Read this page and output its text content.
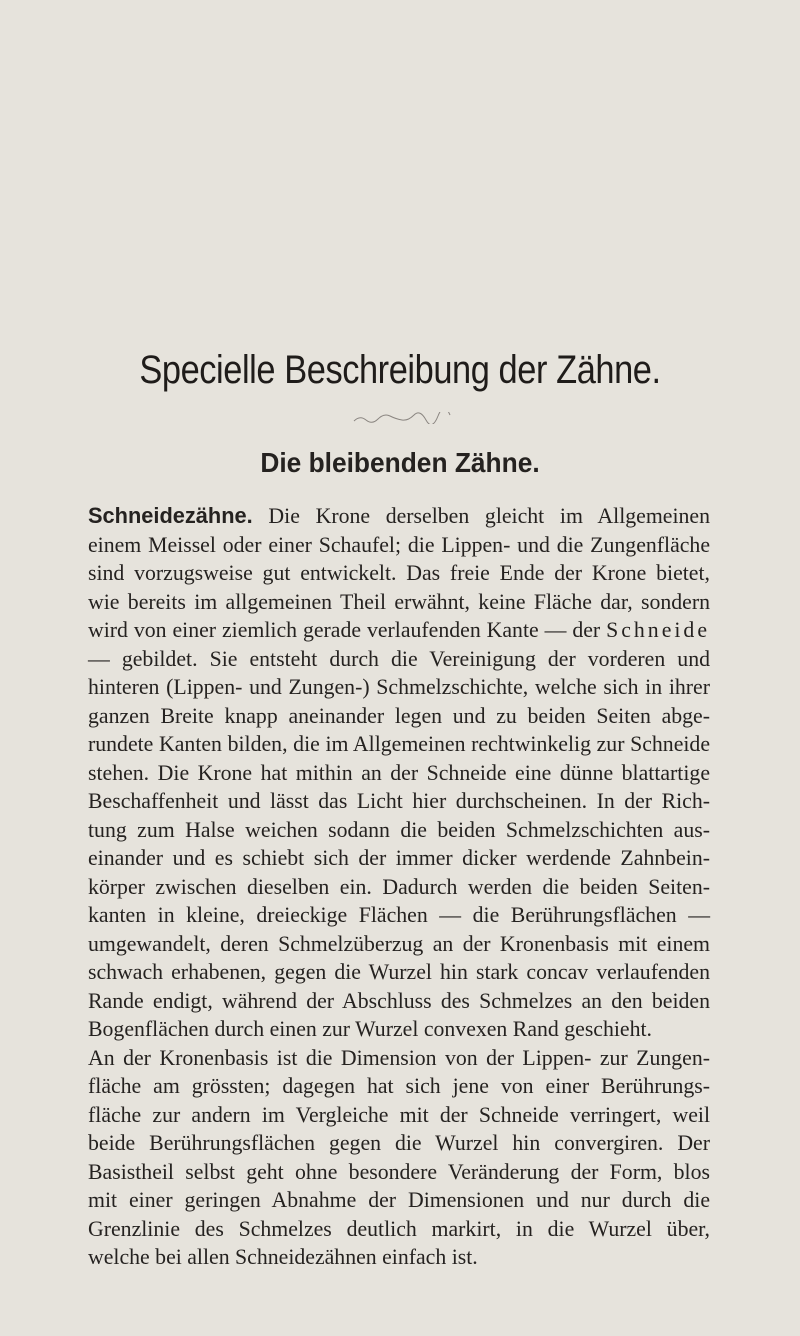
Specielle Beschreibung der Zähne.
Die bleibenden Zähne.
Schneidezähne. Die Krone derselben gleicht im Allgemeinen
einem Meissel oder einer Schaufel; die Lippen- und die Zungenfläche
sind vorzugsweise gut entwickelt. Das freie Ende der Krone bietet,
wie bereits im allgemeinen Theil erwähnt, keine Fläche dar, sondern
wird von einer ziemlich gerade verlaufenden Kante — der Schneide
— gebildet. Sie entsteht durch die Vereinigung der vorderen und
hinteren (Lippen- und Zungen-) Schmelzschichte, welche sich in ihrer
ganzen Breite knapp aneinander legen und zu beiden Seiten abge-
rundete Kanten bilden, die im Allgemeinen rechtwinkelig zur Schneide
stehen. Die Krone hat mithin an der Schneide eine dünne blattartige
Beschaffenheit und lässt das Licht hier durchscheinen. In der Rich-
tung zum Halse weichen sodann die beiden Schmelzschichten aus-
einander und es schiebt sich der immer dicker werdende Zahnbein-
körper zwischen dieselben ein. Dadurch werden die beiden Seiten-
kanten in kleine, dreieckige Flächen — die Berührungsflächen —
umgewandelt, deren Schmelzüberzug an der Kronenbasis mit einem
schwach erhabenen, gegen die Wurzel hin stark concav verlaufenden
Rande endigt, während der Abschluss des Schmelzes an den beiden
Bogenflächen durch einen zur Wurzel convexen Rand geschieht.
An der Kronenbasis ist die Dimension von der Lippen- zur Zungen-
fläche am grössten; dagegen hat sich jene von einer Berührungs-
fläche zur andern im Vergleiche mit der Schneide verringert, weil
beide Berührungsflächen gegen die Wurzel hin convergiren. Der
Basistheil selbst geht ohne besondere Veränderung der Form, blos
mit einer geringen Abnahme der Dimensionen und nur durch die
Grenzlinie des Schmelzes deutlich markirt, in die Wurzel über,
welche bei allen Schneidezähnen einfach ist.
